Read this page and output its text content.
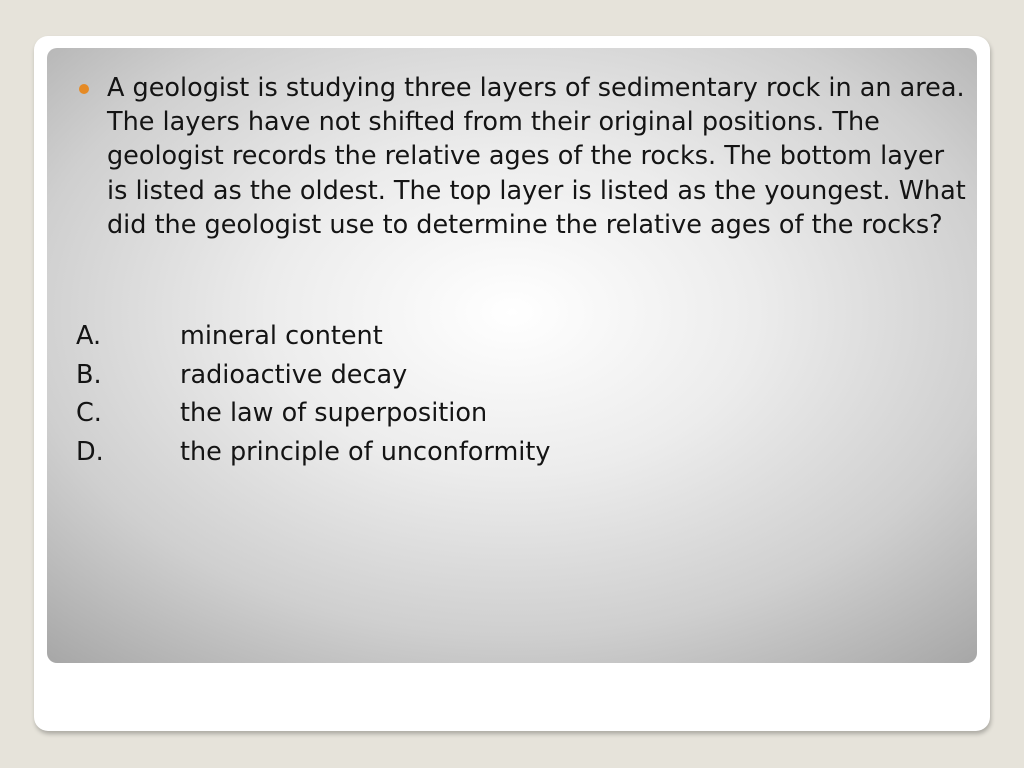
A geologist is studying three layers of sedimentary rock in an area. The layers have not shifted from their original positions. The geologist records the relative ages of the rocks. The bottom layer is listed as the oldest. The top layer is listed as the youngest. What did the geologist use to determine the relative ages of the rocks?

A.	mineral content
B.	radioactive decay
C.	the law of superposition
D.	the principle of unconformity
